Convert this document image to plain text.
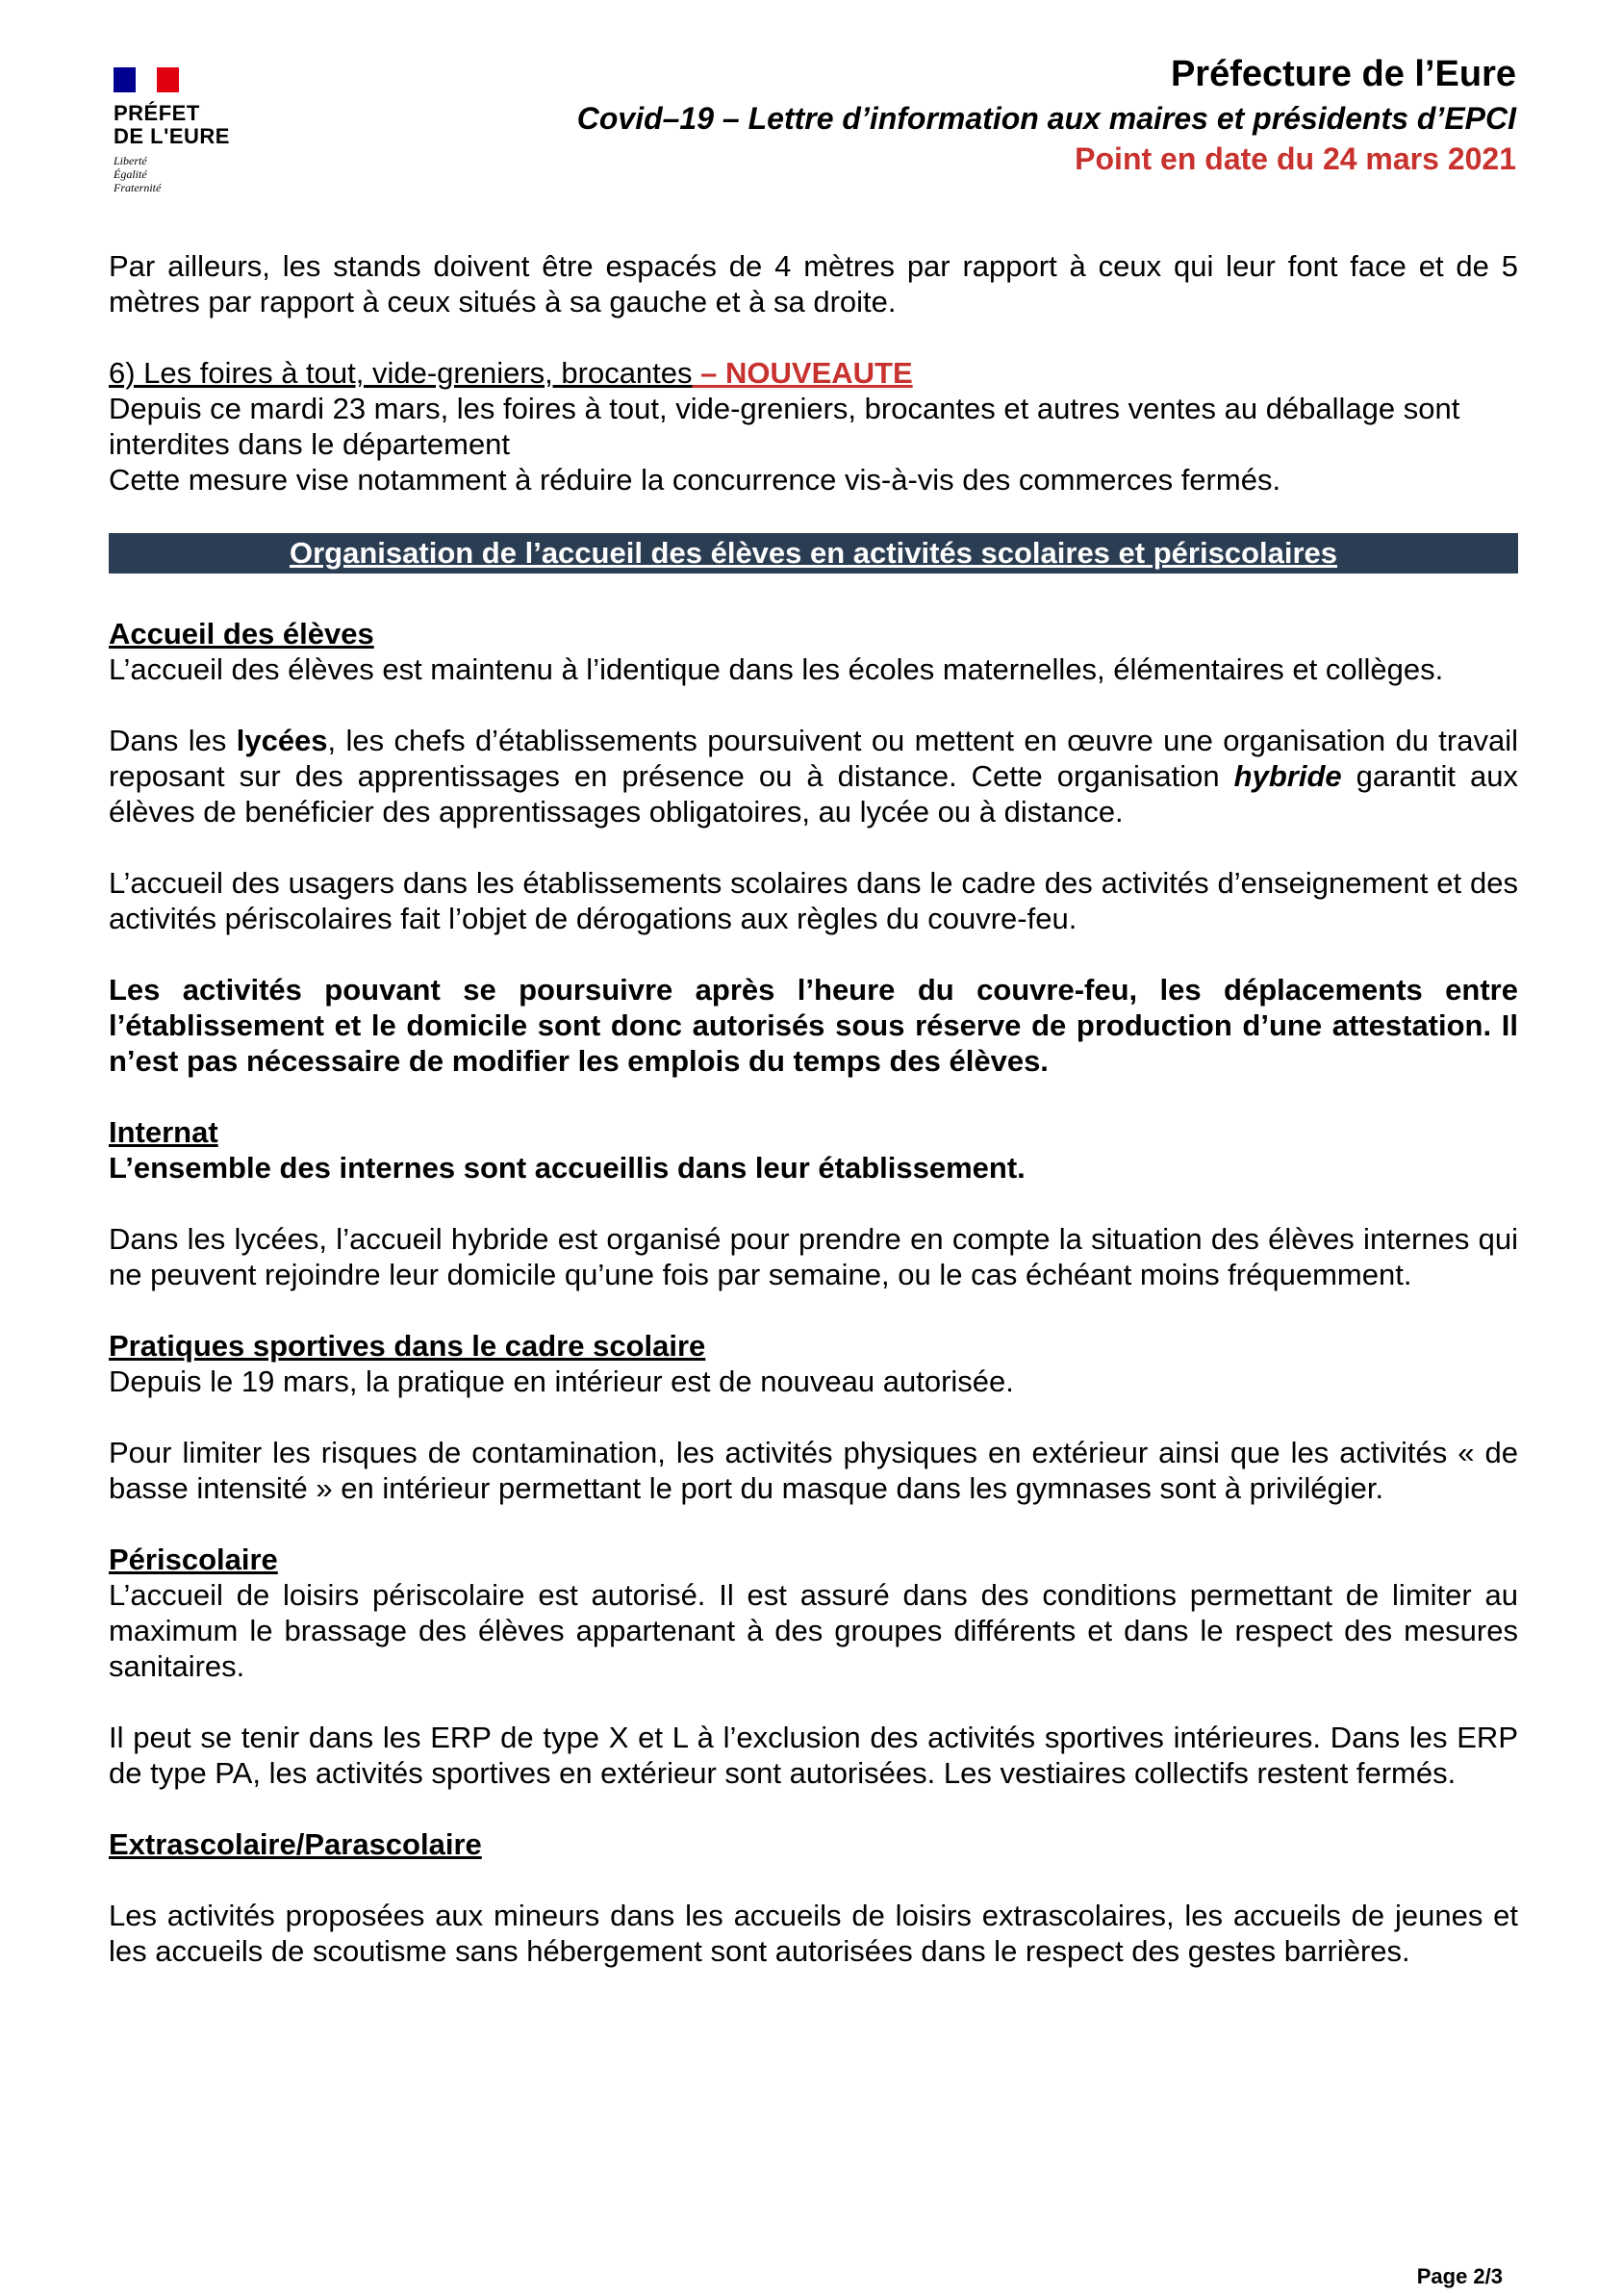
PRÉFET
DE L'EURE
Liberté
Égalité
Fraternité
Préfecture de l’Eure
Covid–19 – Lettre d’information aux maires et présidents d’EPCI
Point en date du 24 mars 2021

Par ailleurs, les stands doivent être espacés de 4 mètres par rapport à ceux qui leur font face et de 5 mètres par rapport à ceux situés à sa gauche et à sa droite.

6) Les foires à tout, vide-greniers, brocantes – NOUVEAUTE

Depuis ce mardi 23 mars, les foires à tout, vide-greniers, brocantes et autres ventes au déballage sont interdites dans le département

Cette mesure vise notamment à réduire la concurrence vis-à-vis des commerces fermés.

Organisation de l’accueil des élèves en activités scolaires et périscolaires

Accueil des élèves

L’accueil des élèves est maintenu à l’identique dans les écoles maternelles, élémentaires et collèges.

Dans les lycées, les chefs d’établissements poursuivent ou mettent en œuvre une organisation du travail reposant sur des apprentissages en présence ou à distance. Cette organisation hybride garantit aux élèves de benéficier des apprentissages obligatoires, au lycée ou à distance.

L’accueil des usagers dans les établissements scolaires dans le cadre des activités d’enseignement et des activités périscolaires fait l’objet de dérogations aux règles du couvre-feu.

Les activités pouvant se poursuivre après l’heure du couvre-feu, les déplacements entre l’établissement et le domicile sont donc autorisés sous réserve de production d’une attestation. Il n’est pas nécessaire de modifier les emplois du temps des élèves.

Internat

L’ensemble des internes sont accueillis dans leur établissement.

Dans les lycées, l’accueil hybride est organisé pour prendre en compte la situation des élèves internes qui ne peuvent rejoindre leur domicile qu’une fois par semaine, ou le cas échéant moins fréquemment.

Pratiques sportives dans le cadre scolaire

Depuis le 19 mars, la pratique en intérieur est de nouveau autorisée.

Pour limiter les risques de contamination, les activités physiques en extérieur ainsi que les activités « de basse intensité » en intérieur permettant le port du masque dans les gymnases sont à privilégier.

Périscolaire

L’accueil de loisirs périscolaire est autorisé. Il est assuré dans des conditions permettant de limiter au maximum le brassage des élèves appartenant à des groupes différents et dans le respect des mesures sanitaires.

Il peut se tenir dans les ERP de type X et L à l’exclusion des activités sportives intérieures. Dans les ERP de type PA, les activités sportives en extérieur sont autorisées. Les vestiaires collectifs restent fermés.

Extrascolaire/Parascolaire

Les activités proposées aux mineurs dans les accueils de loisirs extrascolaires, les accueils de jeunes et les accueils de scoutisme sans hébergement sont autorisées dans le respect des gestes barrières.

Page 2/3
